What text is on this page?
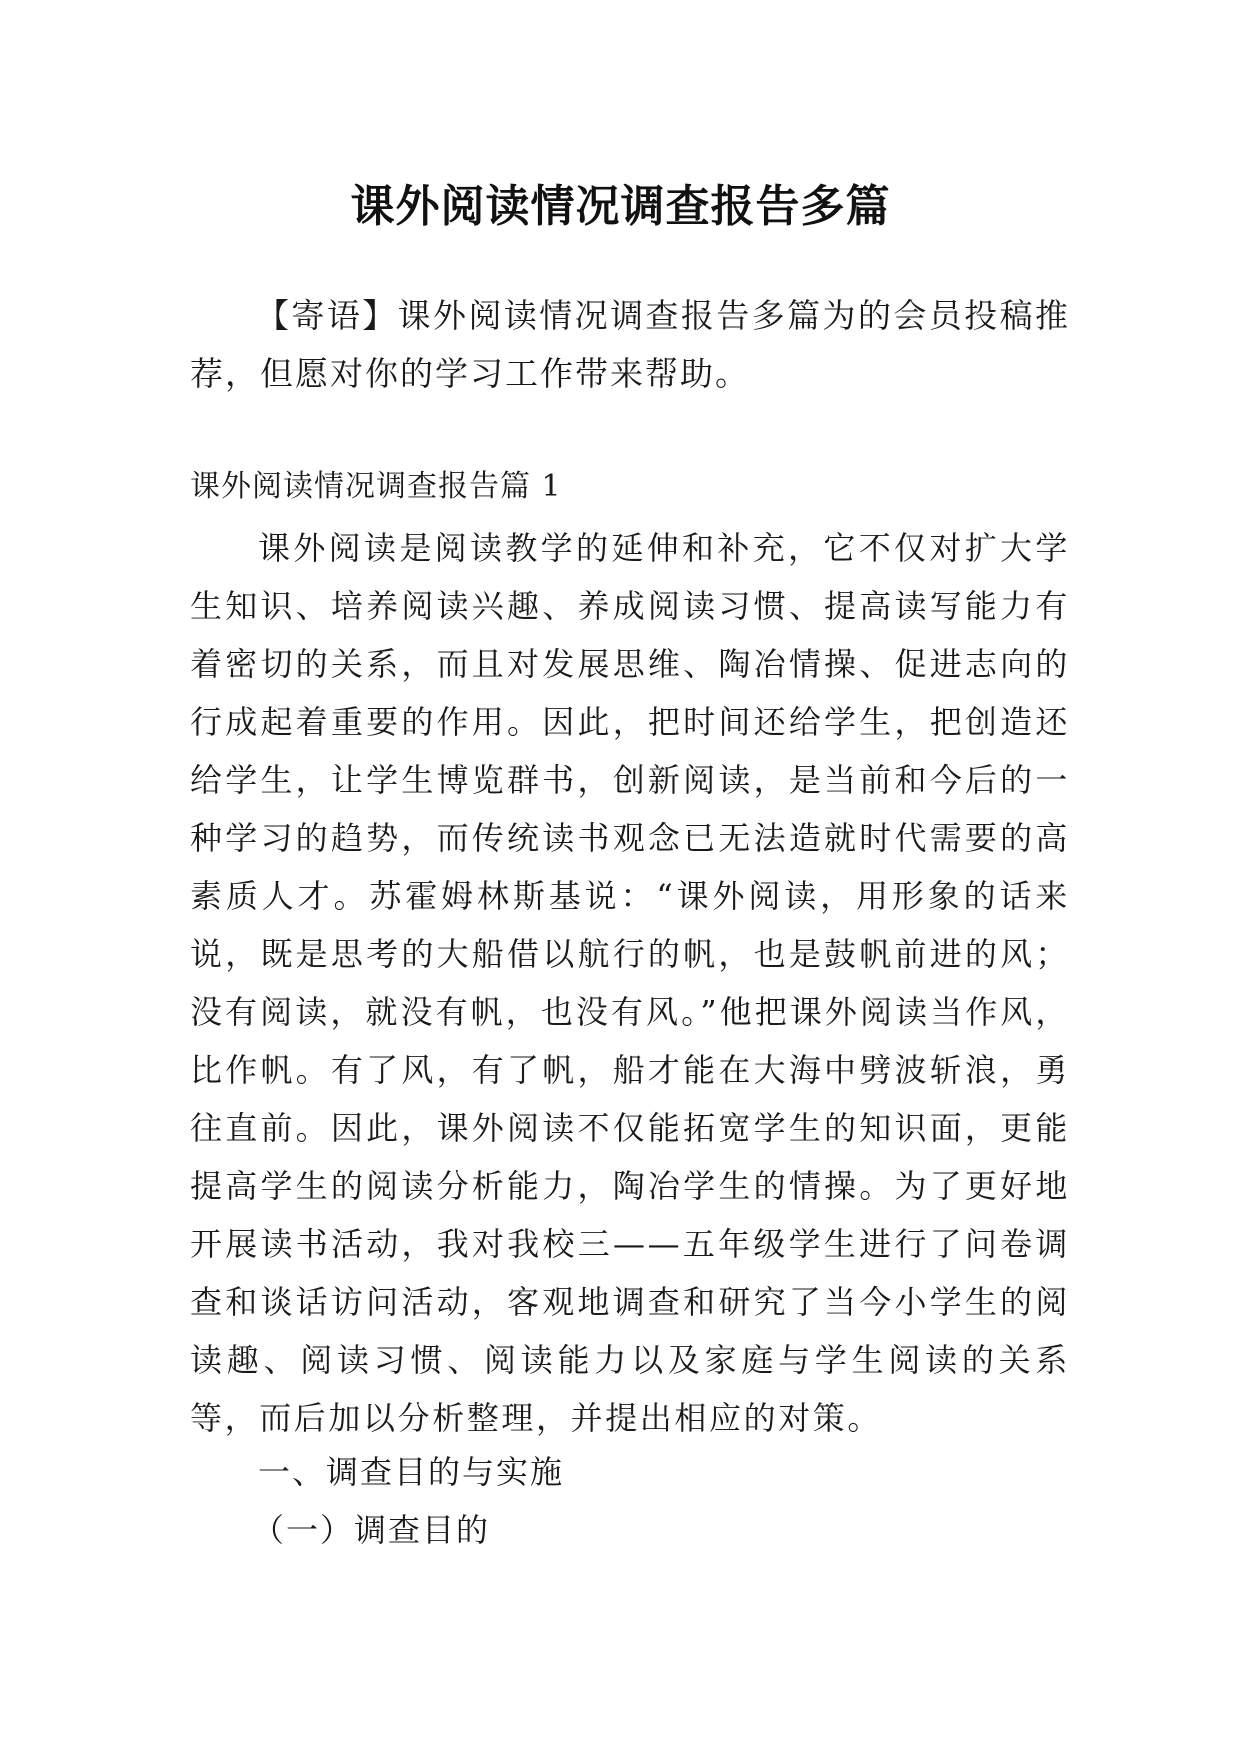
课外阅读情况调查报告多篇

【寄语】课外阅读情况调查报告多篇为的会员投稿推荐，但愿对你的学习工作带来帮助。

课外阅读情况调查报告篇 1

课外阅读是阅读教学的延伸和补充，它不仅对扩大学生知识、培养阅读兴趣、养成阅读习惯、提高读写能力有着密切的关系，而且对发展思维、陶冶情操、促进志向的行成起着重要的作用。因此，把时间还给学生，把创造还给学生，让学生博览群书，创新阅读，是当前和今后的一种学习的趋势，而传统读书观念已无法造就时代需要的高素质人才。苏霍姆林斯基说：“课外阅读，用形象的话来说，既是思考的大船借以航行的帆，也是鼓帆前进的风；没有阅读，就没有帆，也没有风。”他把课外阅读当作风，比作帆。有了风，有了帆，船才能在大海中劈波斩浪，勇往直前。因此，课外阅读不仅能拓宽学生的知识面，更能提高学生的阅读分析能力，陶冶学生的情操。为了更好地开展读书活动，我对我校三——五年级学生进行了问卷调查和谈话访问活动，客观地调查和研究了当今小学生的阅读趣、阅读习惯、阅读能力以及家庭与学生阅读的关系等，而后加以分析整理，并提出相应的对策。

一、调查目的与实施

（一）调查目的
